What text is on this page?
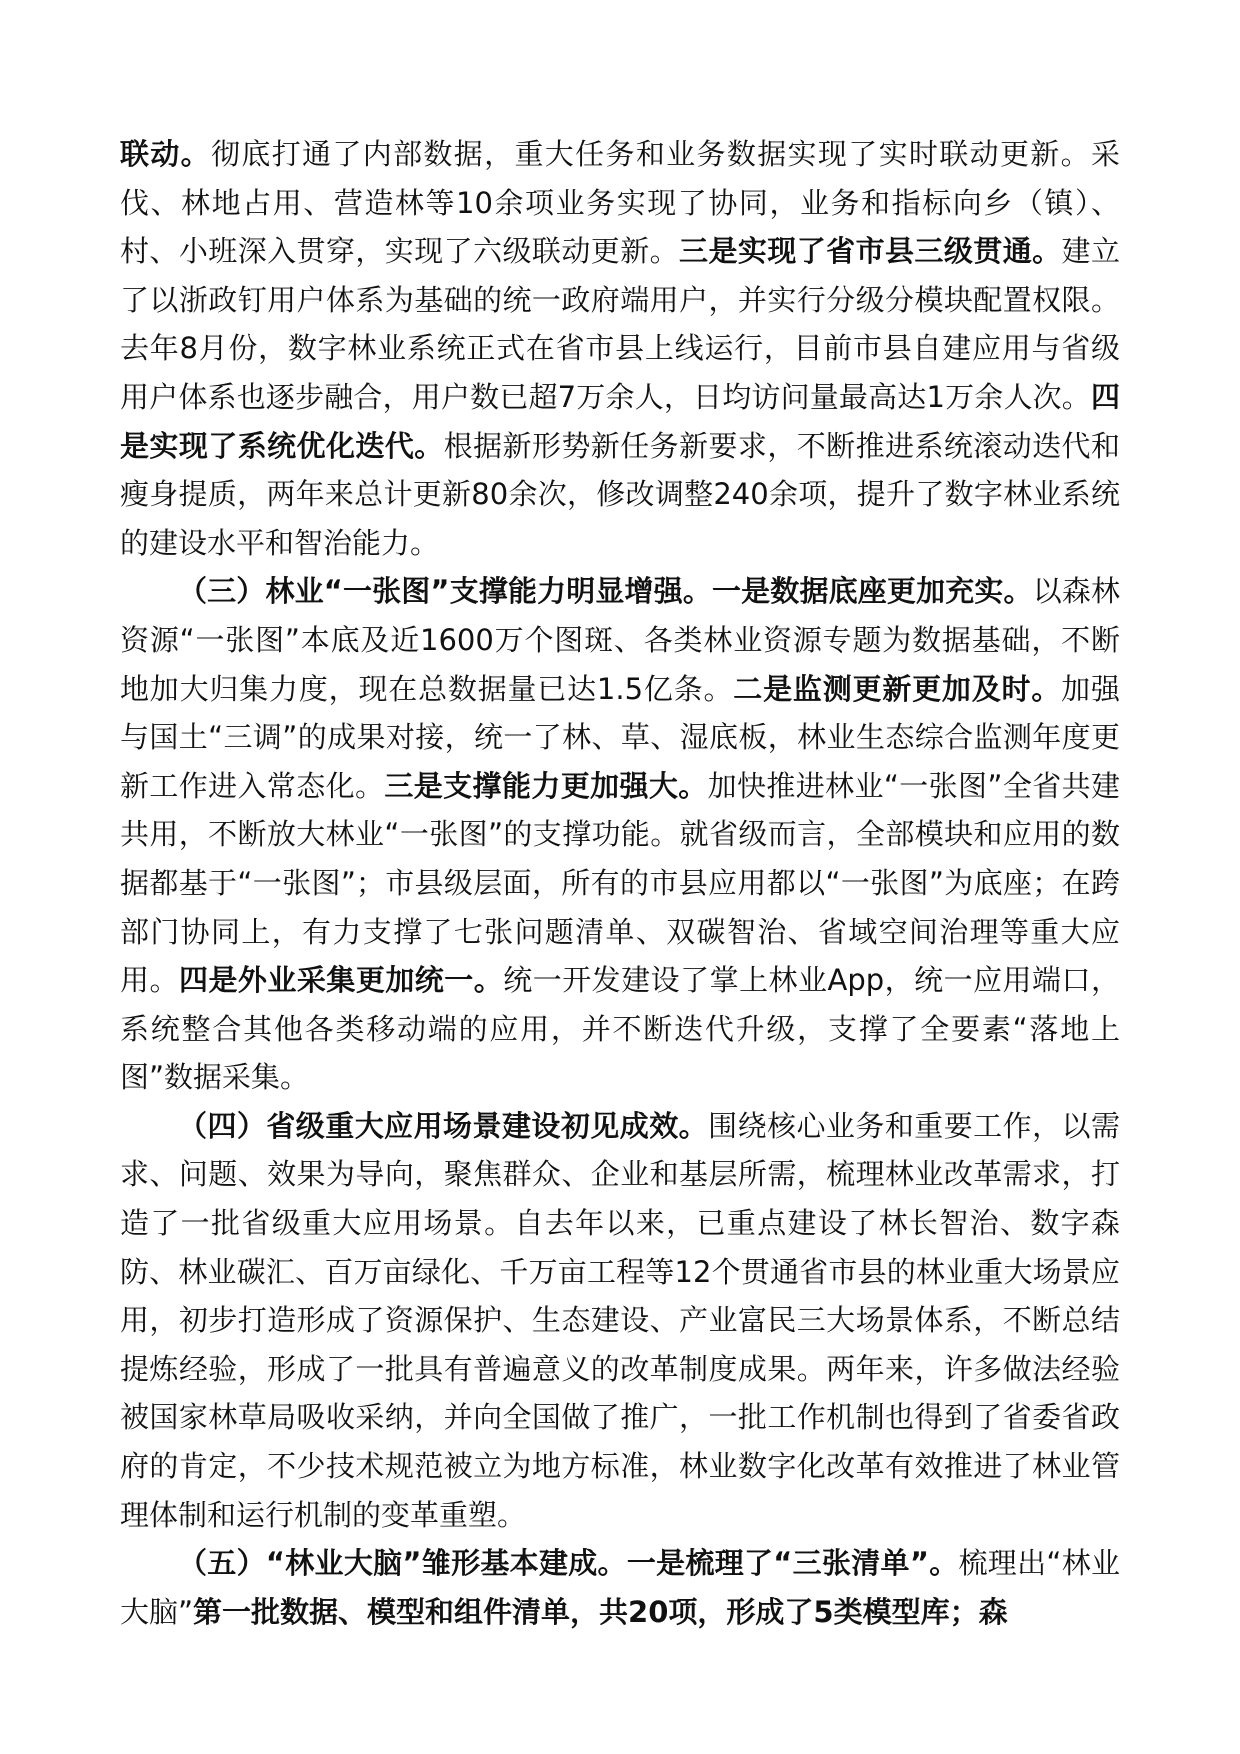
联动。彻底打通了内部数据，重大任务和业务数据实现了实时联动更新。采伐、林地占用、营造林等10余项业务实现了协同，业务和指标向乡（镇）、村、小班深入贯穿，实现了六级联动更新。三是实现了省市县三级贯通。建立了以浙政钉用户体系为基础的统一政府端用户，并实行分级分模块配置权限。去年8月份，数字林业系统正式在省市县上线运行，目前市县自建应用与省级用户体系也逐步融合，用户数已超7万余人，日均访问量最高达1万余人次。四是实现了系统优化迭代。根据新形势新任务新要求，不断推进系统滚动迭代和瘦身提质，两年来总计更新80余次，修改调整240余项，提升了数字林业系统的建设水平和智治能力。

（三）林业“一张图”支撑能力明显增强。一是数据底座更加充实。以森林资源“一张图”本底及近1600万个图斑、各类林业资源专题为数据基础，不断地加大归集力度，现在总数据量已达1.5亿条。二是监测更新更加及时。加强与国土“三调”的成果对接，统一了林、草、湿底板，林业生态综合监测年度更新工作进入常态化。三是支撑能力更加强大。加快推进林业“一张图”全省共建共用，不断放大林业“一张图”的支撑功能。就省级而言，全部模块和应用的数据都基于“一张图”；市县级层面，所有的市县应用都以“一张图”为底座；在跨部门协同上，有力支撑了七张问题清单、双碳智治、省域空间治理等重大应用。四是外业采集更加统一。统一开发建设了掌上林业App，统一应用端口，系统整合其他各类移动端的应用，并不断迭代升级，支撑了全要素“落地上图”数据采集。

（四）省级重大应用场景建设初见成效。围绕核心业务和重要工作，以需求、问题、效果为导向，聚焦群众、企业和基层所需，梳理林业改革需求，打造了一批省级重大应用场景。自去年以来，已重点建设了林长智治、数字森防、林业碳汇、百万亩绿化、千万亩工程等12个贯通省市县的林业重大场景应用，初步打造形成了资源保护、生态建设、产业富民三大场景体系，不断总结提炼经验，形成了一批具有普遍意义的改革制度成果。两年来，许多做法经验被国家林草局吸收采纳，并向全国做了推广，一批工作机制也得到了省委省政府的肯定，不少技术规范被立为地方标准，林业数字化改革有效推进了林业管理体制和运行机制的变革重塑。

（五）“林业大脑”雏形基本建成。一是梳理了“三张清单”。梳理出“林业大脑”第一批数据、模型和组件清单，共20项，形成了5类模型库；森
